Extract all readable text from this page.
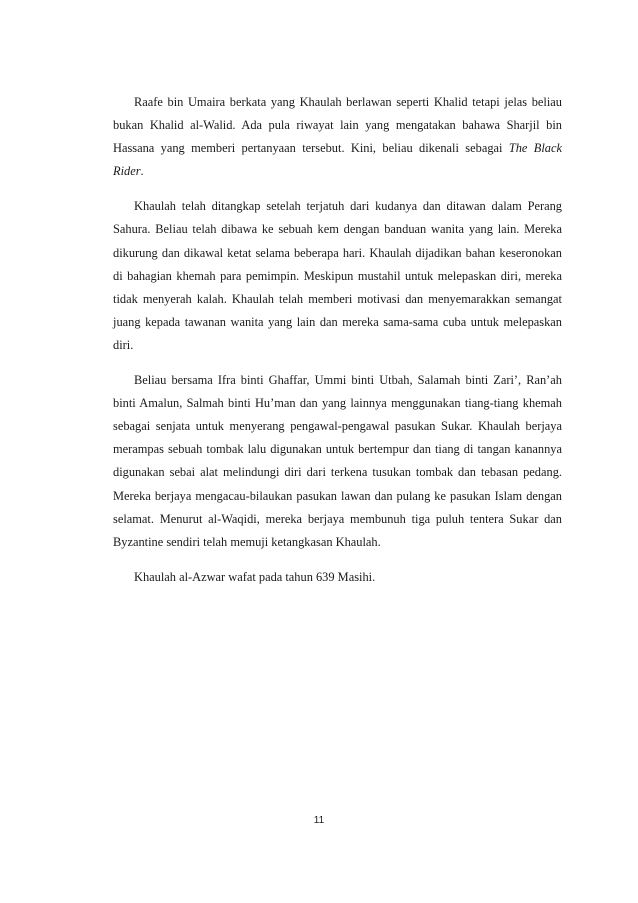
Raafe bin Umaira berkata yang Khaulah berlawan seperti Khalid tetapi jelas beliau bukan Khalid al-Walid. Ada pula riwayat lain yang mengatakan bahawa Sharjil bin Hassana yang memberi pertanyaan tersebut. Kini, beliau dikenali sebagai The Black Rider.

Khaulah telah ditangkap setelah terjatuh dari kudanya dan ditawan dalam Perang Sahura. Beliau telah dibawa ke sebuah kem dengan banduan wanita yang lain. Mereka dikurung dan dikawal ketat selama beberapa hari. Khaulah dijadikan bahan keseronokan di bahagian khemah para pemimpin. Meskipun mustahil untuk melepaskan diri, mereka tidak menyerah kalah. Khaulah telah memberi motivasi dan menyemarakkan semangat juang kepada tawanan wanita yang lain dan mereka sama-sama cuba untuk melepaskan diri.

Beliau bersama Ifra binti Ghaffar, Ummi binti Utbah, Salamah binti Zari’, Ran’ah binti Amalun, Salmah binti Hu’man dan yang lainnya menggunakan tiang-tiang khemah sebagai senjata untuk menyerang pengawal-pengawal pasukan Sukar. Khaulah berjaya merampas sebuah tombak lalu digunakan untuk bertempur dan tiang di tangan kanannya digunakan sebai alat melindungi diri dari terkena tusukan tombak dan tebasan pedang. Mereka berjaya mengacau-bilaukan pasukan lawan dan pulang ke pasukan Islam dengan selamat. Menurut al-Waqidi, mereka berjaya membunuh tiga puluh tentera Sukar dan Byzantine sendiri telah memuji ketangkasan Khaulah.

Khaulah al-Azwar wafat pada tahun 639 Masihi.

11
